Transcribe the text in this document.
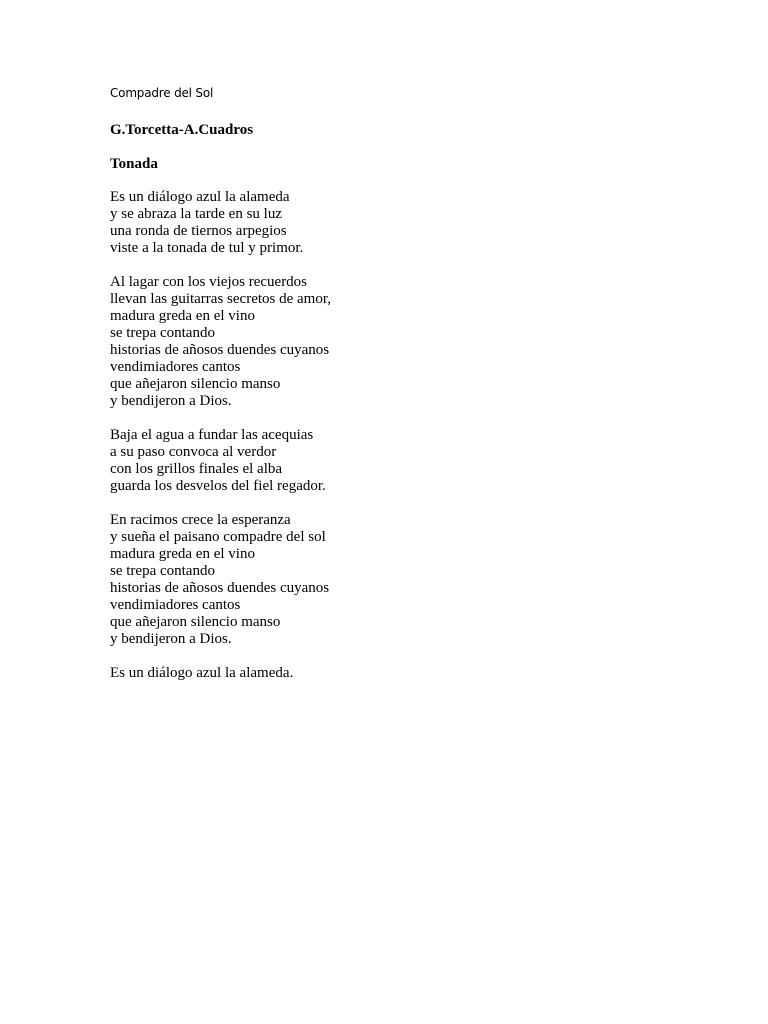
Compadre del Sol
G.Torcetta-A.Cuadros
Tonada
Es un diálogo azul la alameda
y se abraza la tarde en su luz
una ronda de tiernos arpegios
viste a la tonada de tul y primor.
Al lagar con los viejos recuerdos
llevan las guitarras secretos de amor,
madura greda en el vino
se trepa contando
historias de añosos duendes cuyanos
vendimiadores cantos
que añejaron silencio manso
y bendijeron a Dios.
Baja el agua a fundar las acequias
a su paso convoca al verdor
con los grillos finales el alba
guarda los desvelos del fiel regador.
En racimos crece la esperanza
y sueña el paisano compadre del sol
madura greda en el vino
se trepa contando
historias de añosos duendes cuyanos
vendimiadores cantos
que añejaron silencio manso
y bendijeron a Dios.
Es un diálogo azul la alameda.
